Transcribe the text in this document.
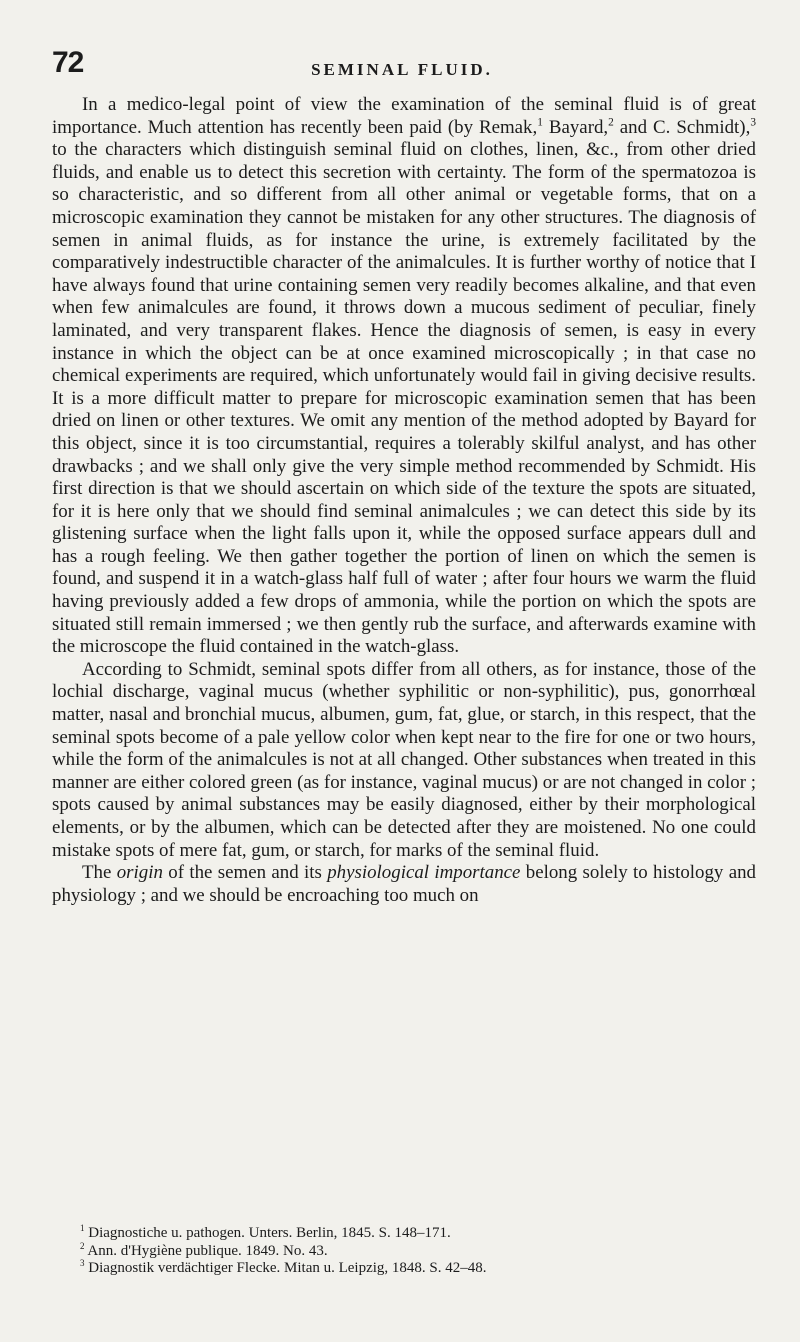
72	SEMINAL FLUID.

In a medico-legal point of view the examination of the seminal fluid is of great importance. Much attention has recently been paid (by Remak,$^1$ Bayard,$^2$ and C. Schmidt),$^3$ to the characters which distinguish seminal fluid on clothes, linen, &c., from other dried fluids, and enable us to detect this secretion with certainty. The form of the spermatozoa is so characteristic, and so different from all other animal or vegetable forms, that on a microscopic examination they cannot be mistaken for any other structures. The diagnosis of semen in animal fluids, as for instance the urine, is extremely facilitated by the comparatively indestructible character of the animalcules. It is further worthy of notice that I have always found that urine containing semen very readily becomes alkaline, and that even when few animalcules are found, it throws down a mucous sediment of peculiar, finely laminated, and very transparent flakes. Hence the diagnosis of semen, is easy in every instance in which the object can be at once examined microscopically ; in that case no chemical experiments are required, which unfortunately would fail in giving decisive results. It is a more difficult matter to prepare for microscopic examination semen that has been dried on linen or other textures. We omit any mention of the method adopted by Bayard for this object, since it is too circumstantial, requires a tolerably skilful analyst, and has other drawbacks ; and we shall only give the very simple method recommended by Schmidt. His first direction is that we should ascertain on which side of the texture the spots are situated, for it is here only that we should find seminal animalcules ; we can detect this side by its glistening surface when the light falls upon it, while the opposed surface appears dull and has a rough feeling. We then gather together the portion of linen on which the semen is found, and suspend it in a watch-glass half full of water ; after four hours we warm the fluid having previously added a few drops of ammonia, while the portion on which the spots are situated still remain immersed ; we then gently rub the surface, and afterwards examine with the microscope the fluid contained in the watch-glass.

According to Schmidt, seminal spots differ from all others, as for instance, those of the lochial discharge, vaginal mucus (whether syphilitic or non-syphilitic), pus, gonorrhœal matter, nasal and bronchial mucus, albumen, gum, fat, glue, or starch, in this respect, that the seminal spots become of a pale yellow color when kept near to the fire for one or two hours, while the form of the animalcules is not at all changed. Other substances when treated in this manner are either colored green (as for instance, vaginal mucus) or are not changed in color ; spots caused by animal substances may be easily diagnosed, either by their morphological elements, or by the albumen, which can be detected after they are moistened. No one could mistake spots of mere fat, gum, or starch, for marks of the seminal fluid.

The origin of the semen and its physiological importance belong solely to histology and physiology ; and we should be encroaching too much on

$^1$ Diagnostiche u. pathogen. Unters. Berlin, 1845. S. 148–171.

$^2$ Ann. d'Hygiène publique. 1849. No. 43.

$^3$ Diagnostik verdächtiger Flecke. Mitan u. Leipzig, 1848. S. 42–48.
